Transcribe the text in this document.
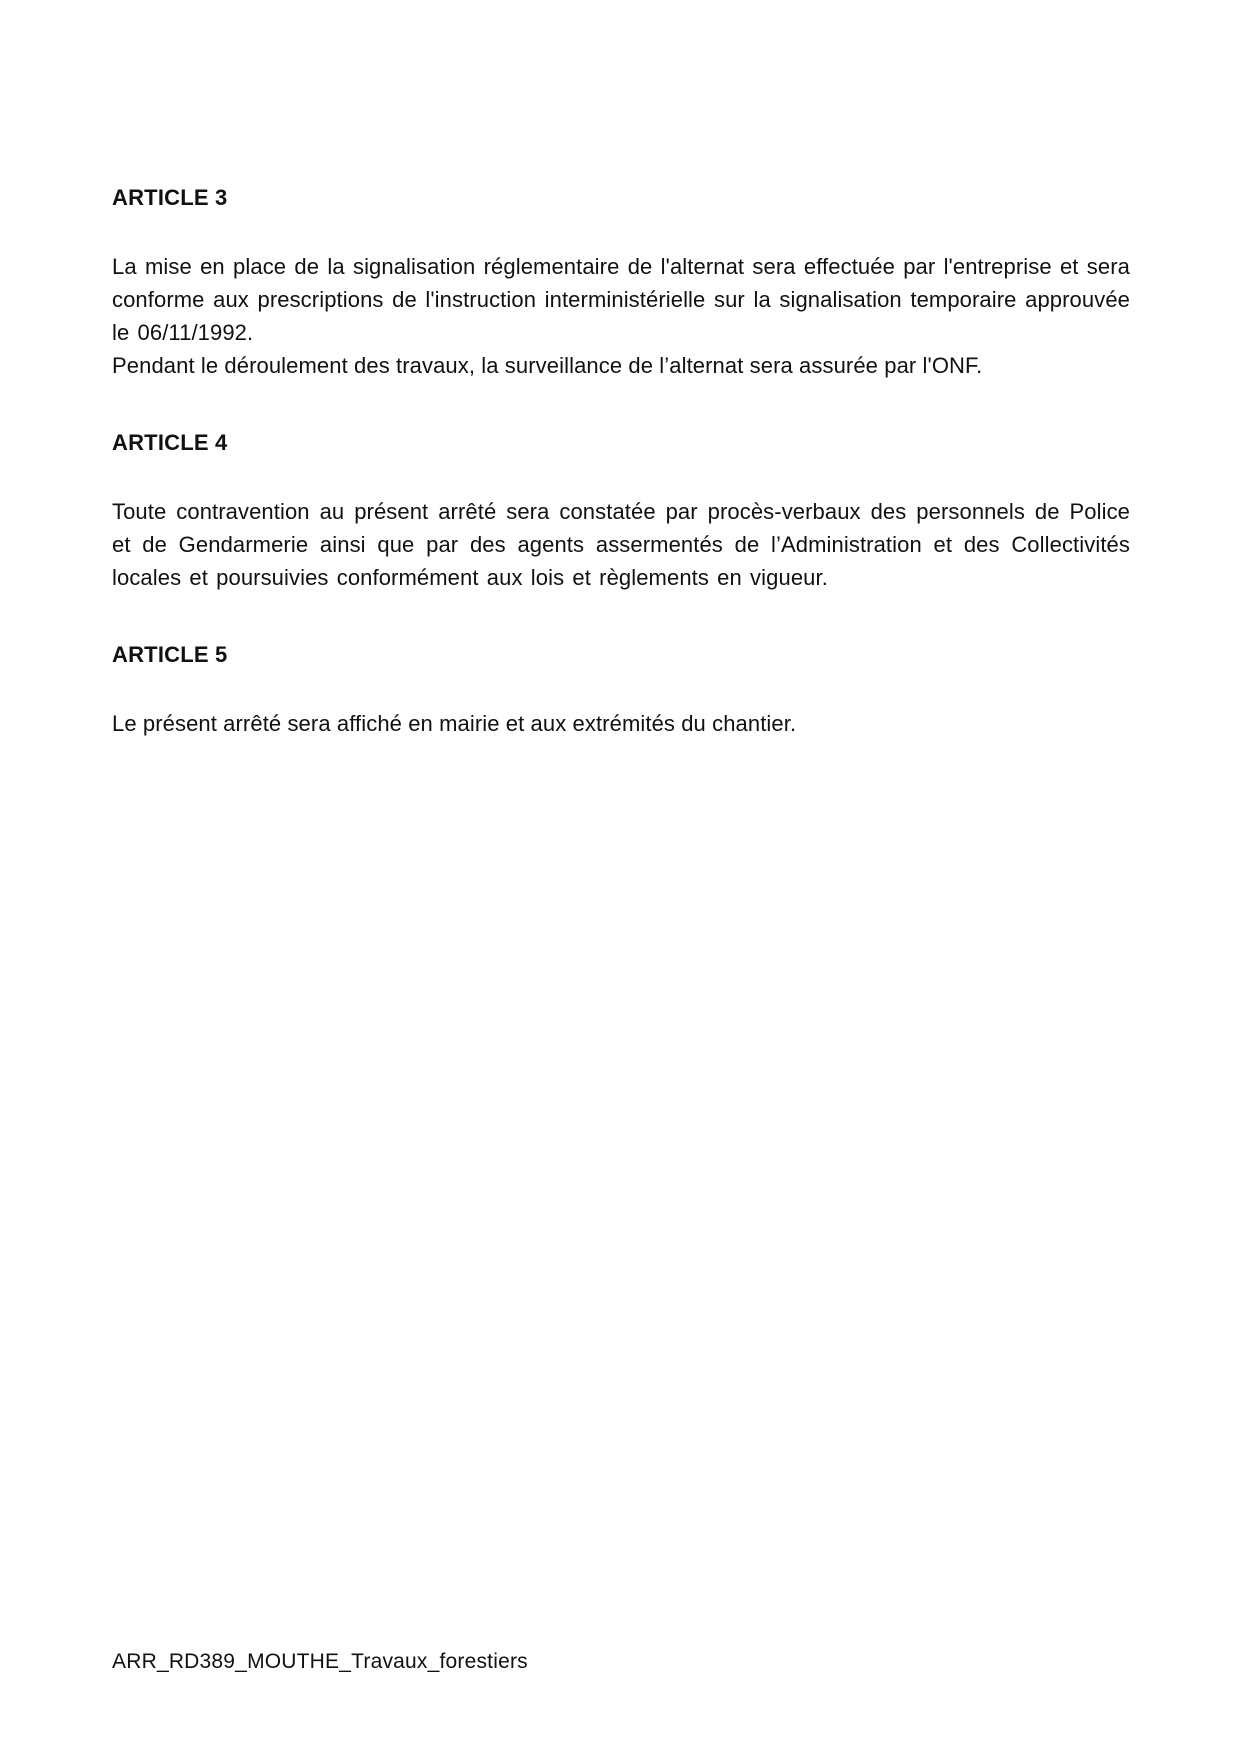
ARTICLE 3

La mise en place de la signalisation réglementaire de l'alternat sera effectuée par l'entreprise et sera conforme aux prescriptions de l'instruction interministérielle sur la signalisation temporaire approuvée le 06/11/1992.

Pendant le déroulement des travaux, la surveillance de l’alternat sera assurée par l'ONF.

ARTICLE 4

Toute contravention au présent arrêté sera constatée par procès-verbaux des personnels de Police et de Gendarmerie ainsi que par des agents assermentés de l’Administration et des Collectivités locales et poursuivies conformément aux lois et règlements en vigueur.

ARTICLE 5

Le présent arrêté sera affiché en mairie et aux extrémités du chantier.

ARR_RD389_MOUTHE_Travaux_forestiers
